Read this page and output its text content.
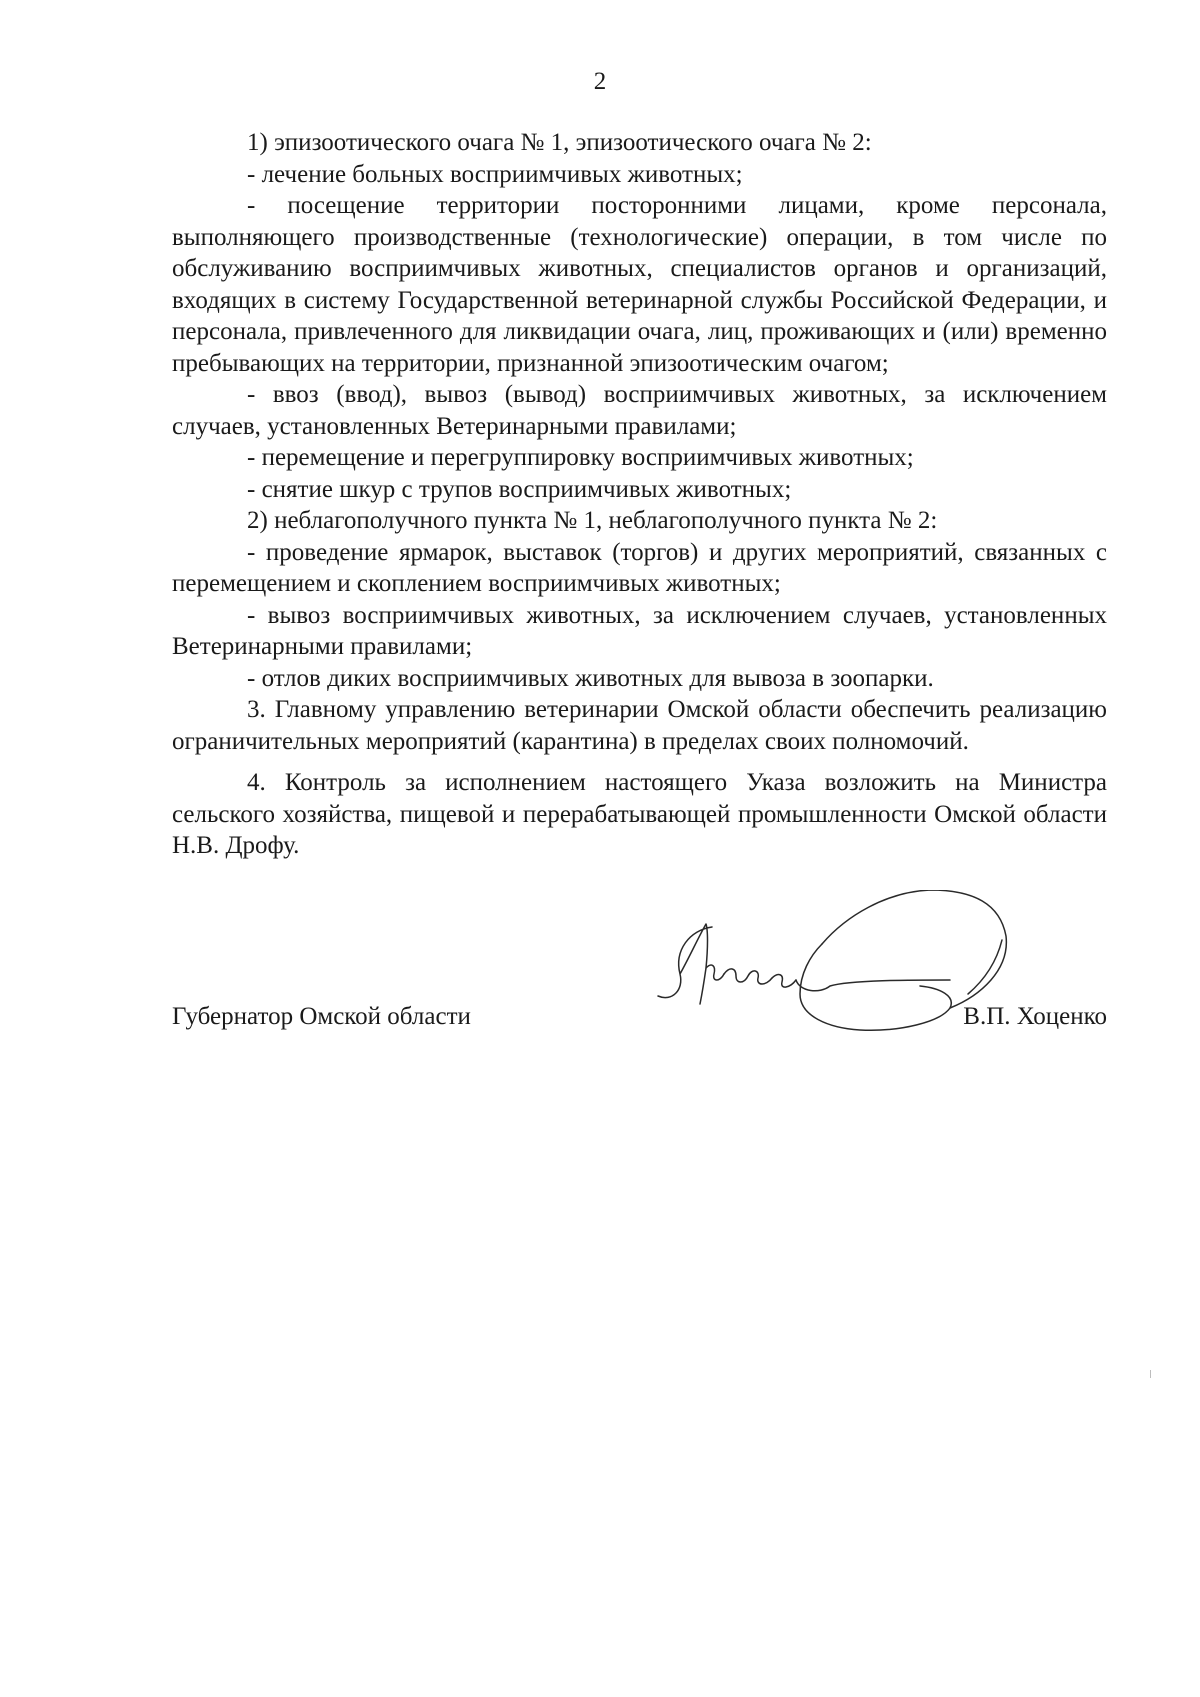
2

1) эпизоотического очага № 1, эпизоотического очага № 2:

- лечение больных восприимчивых животных;

- посещение территории посторонними лицами, кроме персонала, выполняющего производственные (технологические) операции, в том числе по обслуживанию восприимчивых животных, специалистов органов и организаций, входящих в систему Государственной ветеринарной службы Российской Федерации, и персонала, привлеченного для ликвидации очага, лиц, проживающих и (или) временно пребывающих на территории, признанной эпизоотическим очагом;

- ввоз (ввод), вывоз (вывод) восприимчивых животных, за исключением случаев, установленных Ветеринарными правилами;

- перемещение и перегруппировку восприимчивых животных;

- снятие шкур с трупов восприимчивых животных;

2) неблагополучного пункта № 1, неблагополучного пункта № 2:

- проведение ярмарок, выставок (торгов) и других мероприятий, связанных с перемещением и скоплением восприимчивых животных;

- вывоз восприимчивых животных, за исключением случаев, установленных Ветеринарными правилами;

- отлов диких восприимчивых животных для вывоза в зоопарки.

3. Главному управлению ветеринарии Омской области обеспечить реализацию ограничительных мероприятий (карантина) в пределах своих полномочий.

4. Контроль за исполнением настоящего Указа возложить на Министра сельского хозяйства, пищевой и перерабатывающей промышленности Омской области Н.В. Дрофу.

Губернатор Омской области	В.П. Хоценко
